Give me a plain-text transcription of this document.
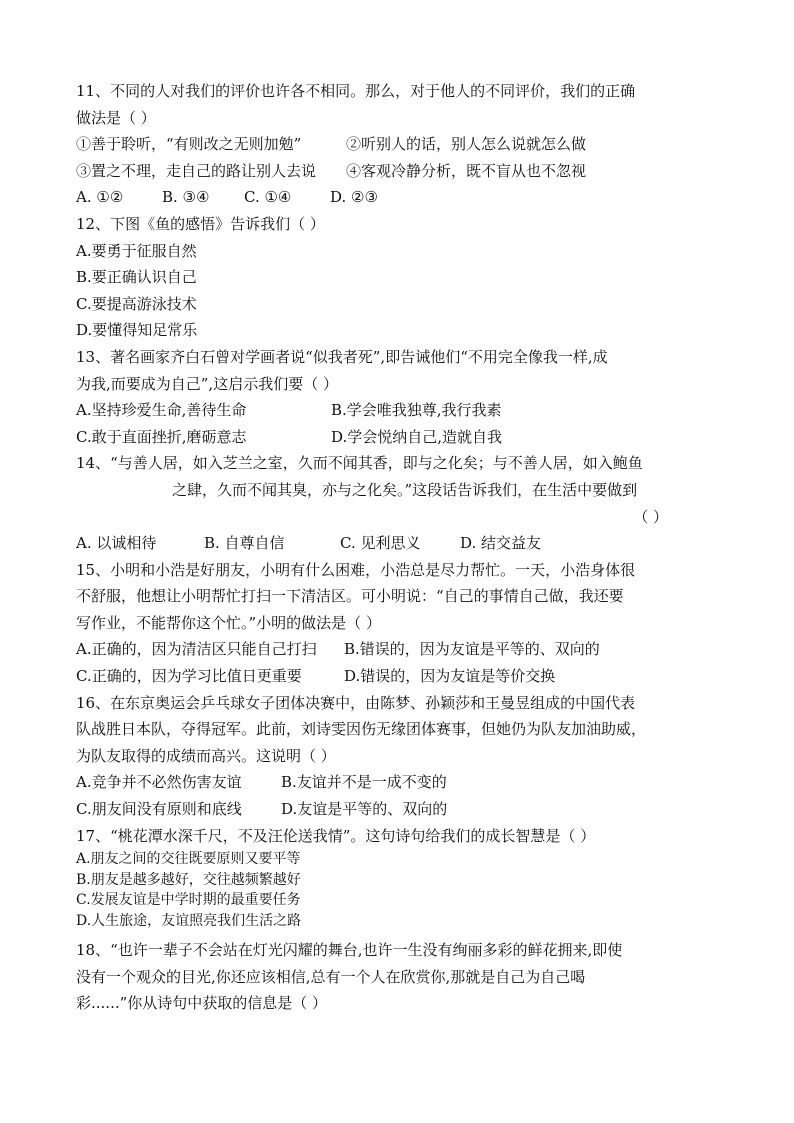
11、不同的人对我们的评价也许各不相同。那么，对于他人的不同评价，我们的正确
做法是（ ）
①善于聆听，“有则改之无则加勉”	②听别人的话，别人怎么说就怎么做
③置之不理，走自己的路让别人去说 ④客观冷静分析，既不盲从也不忽视
A. ①②	B. ③④ C. ①④	D. ②③
12、下图《鱼的感悟》告诉我们（ ）
A.要勇于征服自然
B.要正确认识自己
C.要提高游泳技术
D.要懂得知足常乐
13、著名画家齐白石曾对学画者说“似我者死”,即告诫他们“不用完全像我一样,成
为我,而要成为自己”,这启示我们要（ ）
A.坚持珍爱生命,善待生命	B.学会唯我独尊,我行我素
C.敢于直面挫折,磨砺意志	D.学会悦纳自己,造就自我
14、“与善人居，如入芝兰之室，久而不闻其香，即与之化矣；与不善人居，如入鲍鱼
之肆，久而不闻其臭，亦与之化矣。”这段话告诉我们，在生活中要做到
（ ）
A. 以诚相待	B. 自尊自信	C. 见利思义	D. 结交益友
15、小明和小浩是好朋友，小明有什么困难，小浩总是尽力帮忙。一天，小浩身体很
不舒服，他想让小明帮忙打扫一下清洁区。可小明说：“自己的事情自己做，我还要
写作业，不能帮你这个忙。”小明的做法是（ ）
A.正确的，因为清洁区只能自己打扫 B.错误的，因为友谊是平等的、双向的
C.正确的，因为学习比值日更重要	D.错误的，因为友谊是等价交换
16、在东京奥运会乒乓球女子团体决赛中，由陈梦、孙颖莎和王曼昱组成的中国代表
队战胜日本队，夺得冠军。此前，刘诗雯因伤无缘团体赛事，但她仍为队友加油助威，
为队友取得的成绩而高兴。这说明（ ）
A.竞争并不必然伤害友谊	B.友谊并不是一成不变的
C.朋友间没有原则和底线	D.友谊是平等的、双向的
17、“桃花潭水深千尺，不及汪伦送我情”。这句诗句给我们的成长智慧是（ ）
A.朋友之间的交往既要原则又要平等
B.朋友是越多越好，交往越频繁越好
C.发展友谊是中学时期的最重要任务
D.人生旅途，友谊照亮我们生活之路
18、“也许一辈子不会站在灯光闪耀的舞台,也许一生没有绚丽多彩的鲜花拥来,即使
没有一个观众的目光,你还应该相信,总有一个人在欣赏你,那就是自己为自己喝
彩......”你从诗句中获取的信息是（ ）
